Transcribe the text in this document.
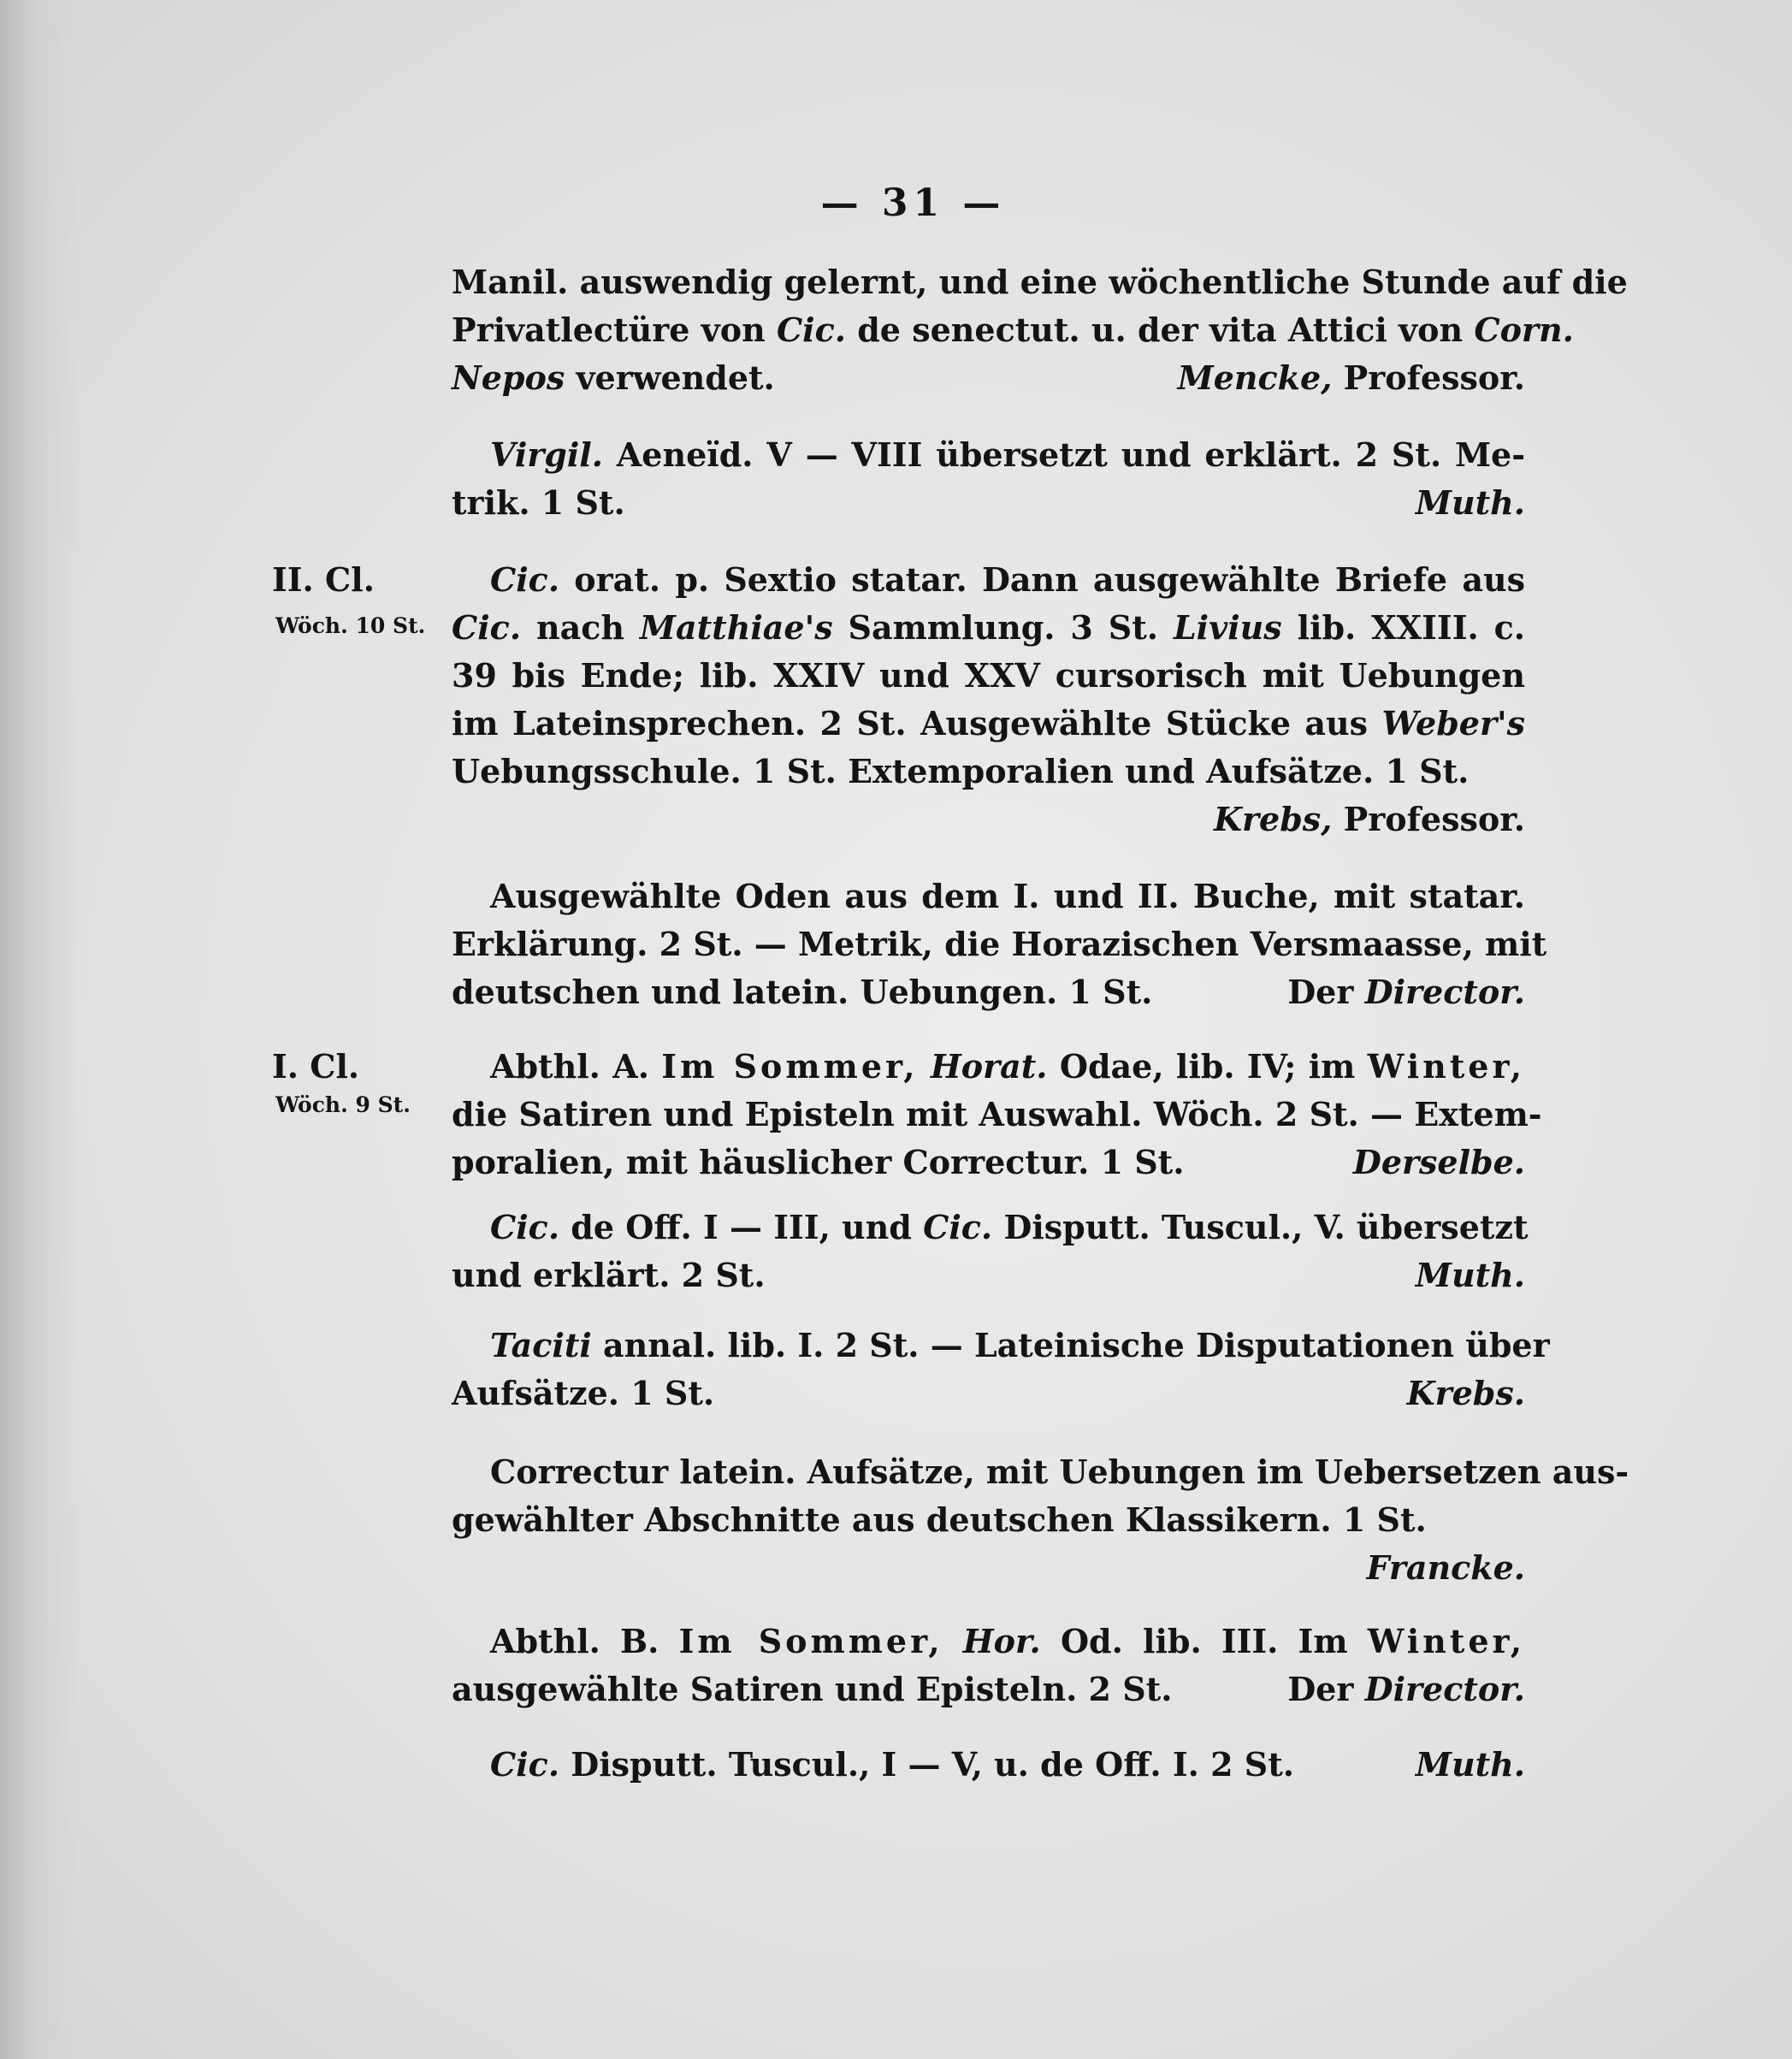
— 31 —
Manil. auswendig gelernt, und eine wöchentliche Stunde auf die
Privatlectüre von Cic. de senectut. u. der vita Attici von Corn.
Nepos verwendet.	Mencke, Professor.
Virgil. Aeneïd. V — VIII übersetzt und erklärt. 2 St. Me-
trik. 1 St.	Muth.
II. Cl.
Wöch. 10 St.
Cic. orat. p. Sextio statar. Dann ausgewählte Briefe aus
Cic. nach Matthiae's Sammlung. 3 St. Livius lib. XXIII. c.
39 bis Ende; lib. XXIV und XXV cursorisch mit Uebungen
im Lateinsprechen. 2 St. Ausgewählte Stücke aus Weber's
Uebungsschule. 1 St. Extemporalien und Aufsätze. 1 St.
Krebs, Professor.
Ausgewählte Oden aus dem I. und II. Buche, mit statar.
Erklärung. 2 St. — Metrik, die Horazischen Versmaasse, mit
deutschen und latein. Uebungen. 1 St.	Der Director.
I. Cl.
Wöch. 9 St.
Abthl. A. Im Sommer, Horat. Odae, lib. IV; im Winter,
die Satiren und Episteln mit Auswahl. Wöch. 2 St. — Extem-
poralien, mit häuslicher Correctur. 1 St.	Derselbe.
Cic. de Off. I — III, und Cic. Disputt. Tuscul., V. übersetzt
und erklärt. 2 St.	Muth.
Taciti annal. lib. I. 2 St. — Lateinische Disputationen über
Aufsätze. 1 St.	Krebs.
Correctur latein. Aufsätze, mit Uebungen im Uebersetzen aus-
gewählter Abschnitte aus deutschen Klassikern. 1 St.
Francke.
Abthl. B. Im Sommer, Hor. Od. lib. III. Im Winter,
ausgewählte Satiren und Episteln. 2 St.	Der Director.
Cic. Disputt. Tuscul., I — V, u. de Off. I. 2 St.	Muth.
